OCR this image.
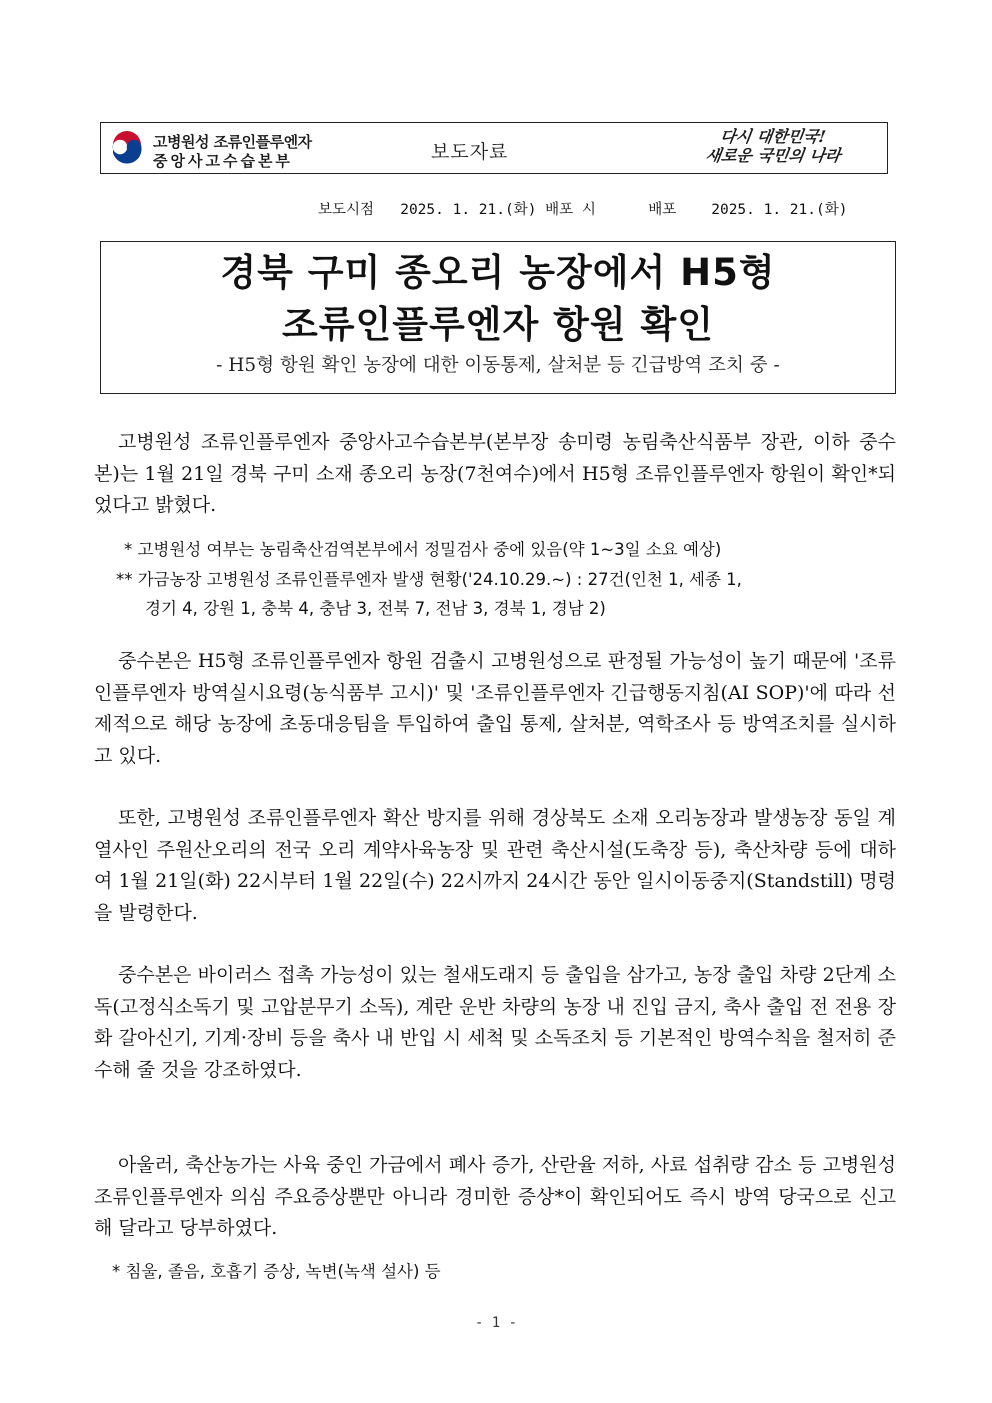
고병원성 조류인플루엔자
중앙사고수습본부	보도자료
다시 대한민국!
새로운 국민의 나라
보도시점   2025. 1. 21.(화) 배포 시      배포    2025. 1. 21.(화)
경북 구미 종오리 농장에서 H5형
조류인플루엔자 항원 확인
- H5형 항원 확인 농장에 대한 이동통제, 살처분 등 긴급방역 조치 중 -
고병원성 조류인플루엔자 중앙사고수습본부(본부장 송미령 농림축산식품부 장관, 이하 중수본)는 1월 21일 경북 구미 소재 종오리 농장(7천여수)에서 H5형 조류인플루엔자 항원이 확인*되었다고 밝혔다.
* 고병원성 여부는 농림축산검역본부에서 정밀검사 중에 있음(약 1~3일 소요 예상)
** 가금농장 고병원성 조류인플루엔자 발생 현황('24.10.29.~) : 27건(인천 1, 세종 1,
경기 4, 강원 1, 충북 4, 충남 3, 전북 7, 전남 3, 경북 1, 경남 2)
중수본은 H5형 조류인플루엔자 항원 검출시 고병원성으로 판정될 가능성이 높기 때문에 '조류인플루엔자 방역실시요령(농식품부 고시)' 및 '조류인플루엔자 긴급행동지침(AI SOP)'에 따라 선제적으로 해당 농장에 초동대응팀을 투입하여 출입 통제, 살처분, 역학조사 등 방역조치를 실시하고 있다.
또한, 고병원성 조류인플루엔자 확산 방지를 위해 경상북도 소재 오리농장과 발생농장 동일 계열사인 주원산오리의 전국 오리 계약사육농장 및 관련 축산시설(도축장 등), 축산차량 등에 대하여 1월 21일(화) 22시부터 1월 22일(수) 22시까지 24시간 동안 일시이동중지(Standstill) 명령을 발령한다.
중수본은 바이러스 접촉 가능성이 있는 철새도래지 등 출입을 삼가고, 농장 출입 차량 2단계 소독(고정식소독기 및 고압분무기 소독), 계란 운반 차량의 농장 내 진입 금지, 축사 출입 전 전용 장화 갈아신기, 기계·장비 등을 축사 내 반입 시 세척 및 소독조치 등 기본적인 방역수칙을 철저히 준수해 줄 것을 강조하였다.
아울러, 축산농가는 사육 중인 가금에서 폐사 증가, 산란율 저하, 사료 섭취량 감소 등 고병원성 조류인플루엔자 의심 주요증상뿐만 아니라 경미한 증상*이 확인되어도 즉시 방역 당국으로 신고해 달라고 당부하였다.
* 침울, 졸음, 호흡기 증상, 녹변(녹색 설사) 등
- 1 -
